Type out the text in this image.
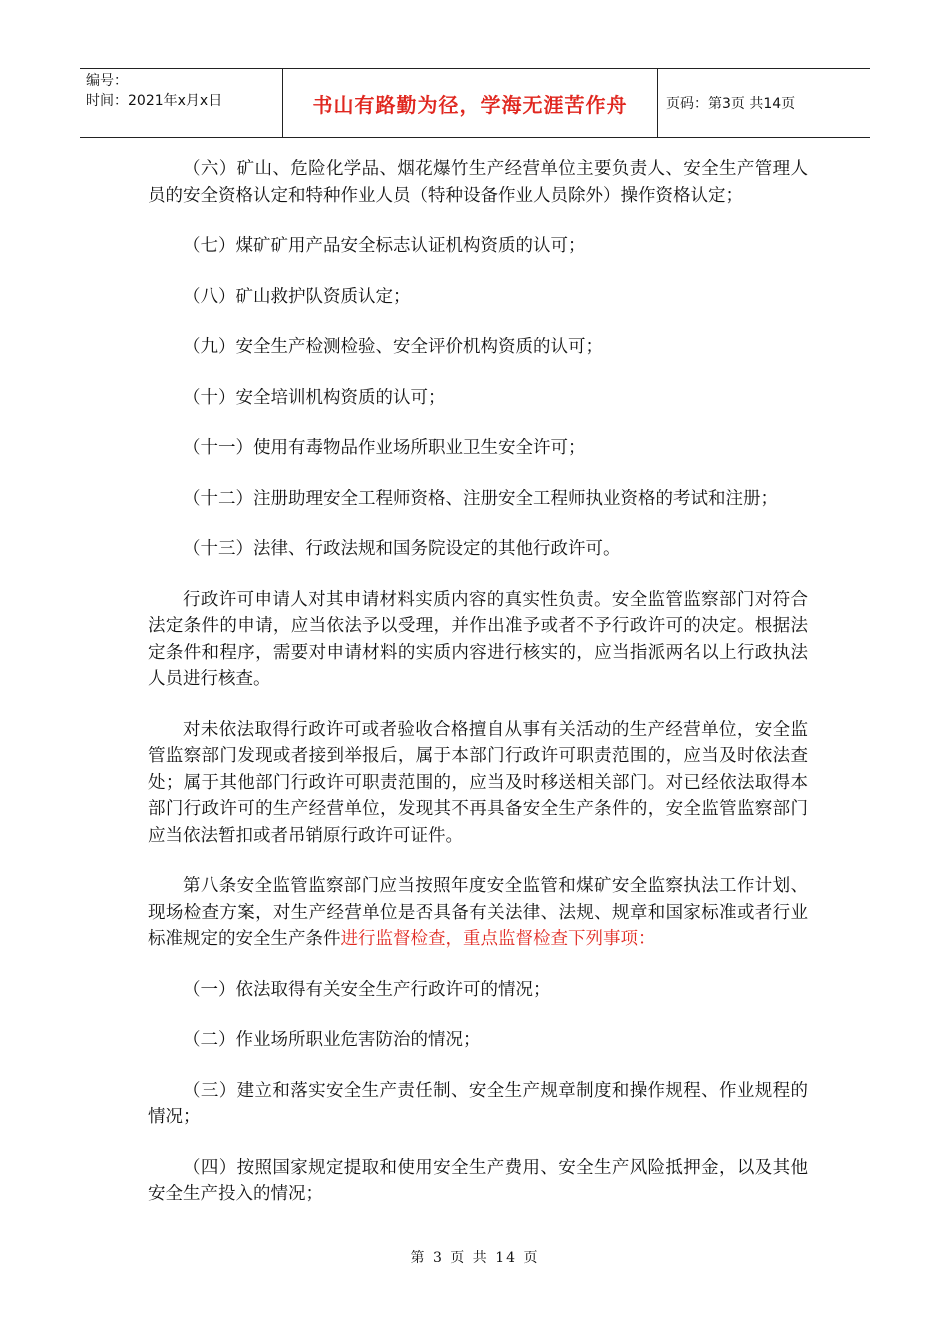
编号：
时间：2021年x月x日	书山有路勤为径，学海无涯苦作舟	页码：第3页 共14页

（六）矿山、危险化学品、烟花爆竹生产经营单位主要负责人、安全生产管理人员的安全资格认定和特种作业人员（特种设备作业人员除外）操作资格认定；

（七）煤矿矿用产品安全标志认证机构资质的认可；

（八）矿山救护队资质认定；

（九）安全生产检测检验、安全评价机构资质的认可；

（十）安全培训机构资质的认可；

（十一）使用有毒物品作业场所职业卫生安全许可；

（十二）注册助理安全工程师资格、注册安全工程师执业资格的考试和注册；

（十三）法律、行政法规和国务院设定的其他行政许可。

行政许可申请人对其申请材料实质内容的真实性负责。安全监管监察部门对符合法定条件的申请，应当依法予以受理，并作出准予或者不予行政许可的决定。根据法定条件和程序，需要对申请材料的实质内容进行核实的，应当指派两名以上行政执法人员进行核查。

对未依法取得行政许可或者验收合格擅自从事有关活动的生产经营单位，安全监管监察部门发现或者接到举报后，属于本部门行政许可职责范围的，应当及时依法查处；属于其他部门行政许可职责范围的，应当及时移送相关部门。对已经依法取得本部门行政许可的生产经营单位，发现其不再具备安全生产条件的，安全监管监察部门应当依法暂扣或者吊销原行政许可证件。

第八条安全监管监察部门应当按照年度安全监管和煤矿安全监察执法工作计划、现场检查方案，对生产经营单位是否具备有关法律、法规、规章和国家标准或者行业标准规定的安全生产条件进行监督检查，重点监督检查下列事项：

（一）依法取得有关安全生产行政许可的情况；

（二）作业场所职业危害防治的情况；

（三）建立和落实安全生产责任制、安全生产规章制度和操作规程、作业规程的情况；

（四）按照国家规定提取和使用安全生产费用、安全生产风险抵押金，以及其他安全生产投入的情况；

第 3 页 共 14 页
